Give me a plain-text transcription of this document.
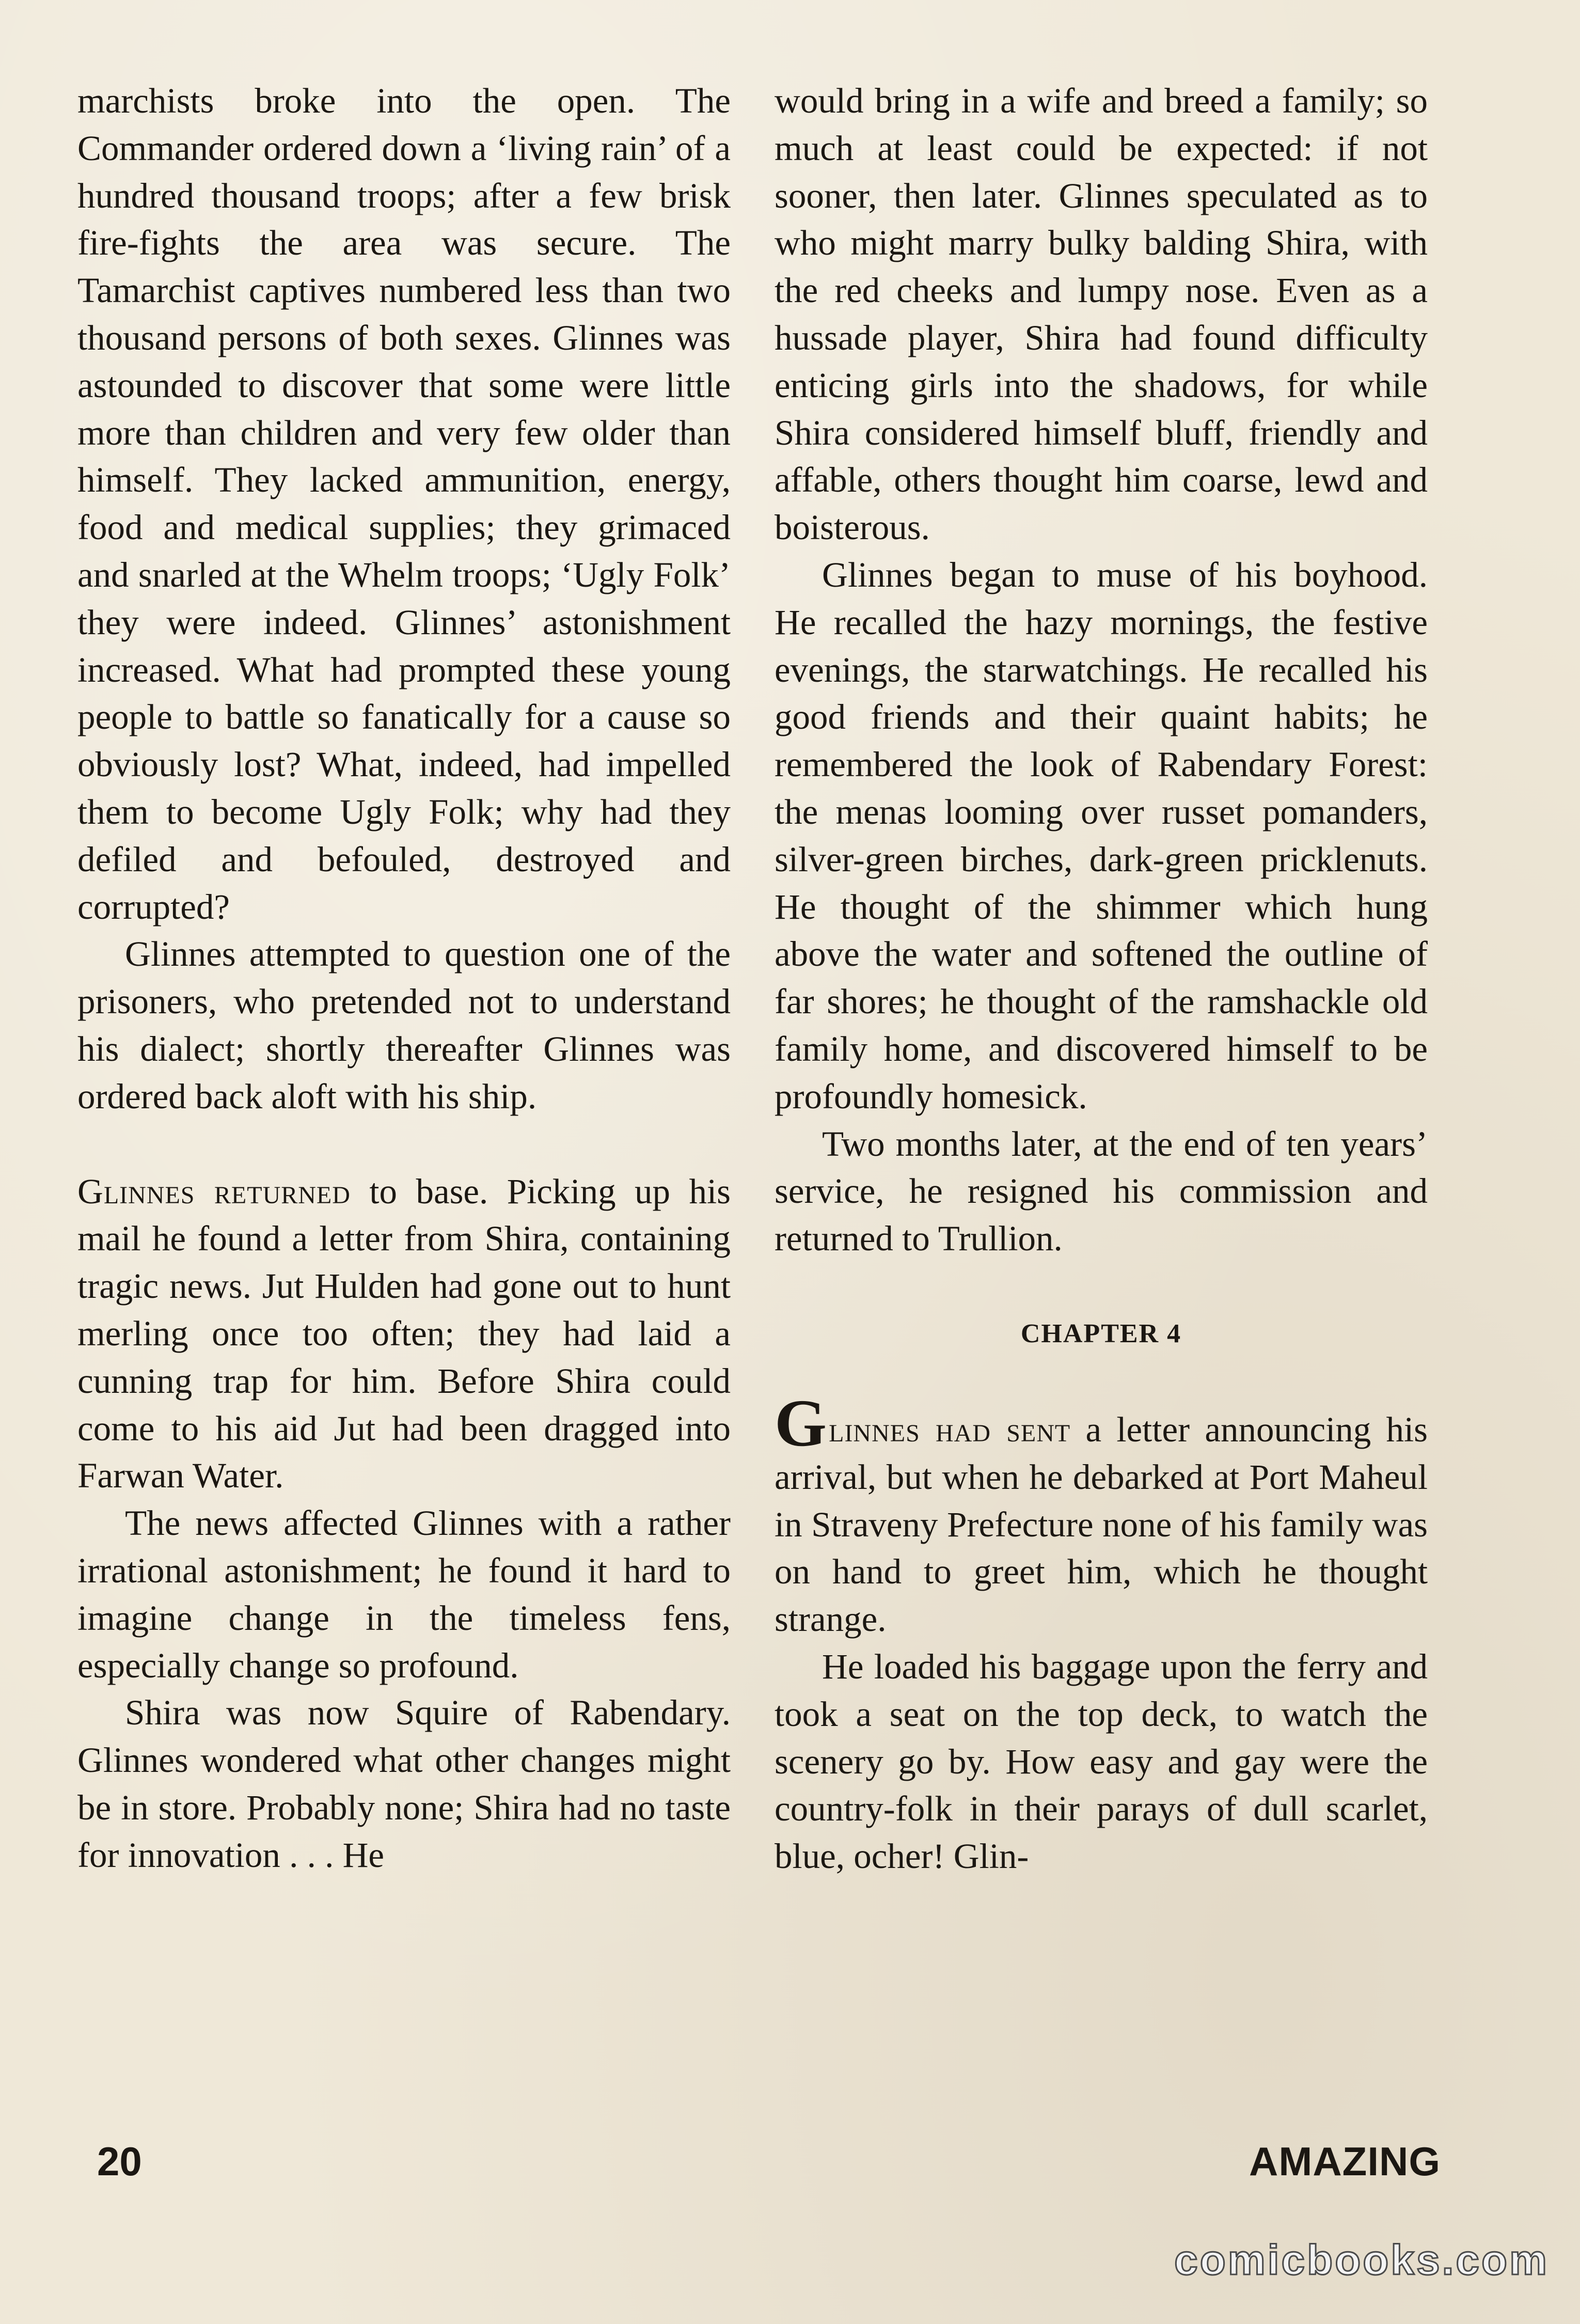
marchists broke into the open. The Commander ordered down a ‘living rain’ of a hundred thousand troops; after a few brisk fire-fights the area was secure. The Tamarchist captives numbered less than two thousand persons of both sexes. Glinnes was astounded to discover that some were little more than children and very few older than himself. They lacked ammunition, energy, food and medical supplies; they grimaced and snarled at the Whelm troops; ‘Ugly Folk’ they were indeed. Glinnes’ astonishment increased. What had prompted these young people to battle so fanatically for a cause so obviously lost? What, indeed, had impelled them to become Ugly Folk; why had they defiled and befouled, destroyed and corrupted?

Glinnes attempted to question one of the prisoners, who pretended not to understand his dialect; shortly thereafter Glinnes was ordered back aloft with his ship.

Glinnes returned to base. Picking up his mail he found a letter from Shira, containing tragic news. Jut Hulden had gone out to hunt merling once too often; they had laid a cunning trap for him. Before Shira could come to his aid Jut had been dragged into Farwan Water.

The news affected Glinnes with a rather irrational astonishment; he found it hard to imagine change in the timeless fens, especially change so profound.

Shira was now Squire of Rabendary. Glinnes wondered what other changes might be in store. Probably none; Shira had no taste for innovation . . . He

would bring in a wife and breed a family; so much at least could be expected: if not sooner, then later. Glinnes speculated as to who might marry bulky balding Shira, with the red cheeks and lumpy nose. Even as a hussade player, Shira had found difficulty enticing girls into the shadows, for while Shira considered himself bluff, friendly and affable, others thought him coarse, lewd and boisterous.

Glinnes began to muse of his boyhood. He recalled the hazy mornings, the festive evenings, the starwatchings. He recalled his good friends and their quaint habits; he remembered the look of Rabendary Forest: the menas looming over russet pomanders, silver-green birches, dark-green pricklenuts. He thought of the shimmer which hung above the water and softened the outline of far shores; he thought of the ramshackle old family home, and discovered himself to be profoundly homesick.

Two months later, at the end of ten years’ service, he resigned his commission and returned to Trullion.

CHAPTER 4

Glinnes had sent a letter announcing his arrival, but when he debarked at Port Maheul in Straveny Prefecture none of his family was on hand to greet him, which he thought strange.

He loaded his baggage upon the ferry and took a seat on the top deck, to watch the scenery go by. How easy and gay were the country-folk in their parays of dull scarlet, blue, ocher! Glin-

20	AMAZING
comicbooks.com
